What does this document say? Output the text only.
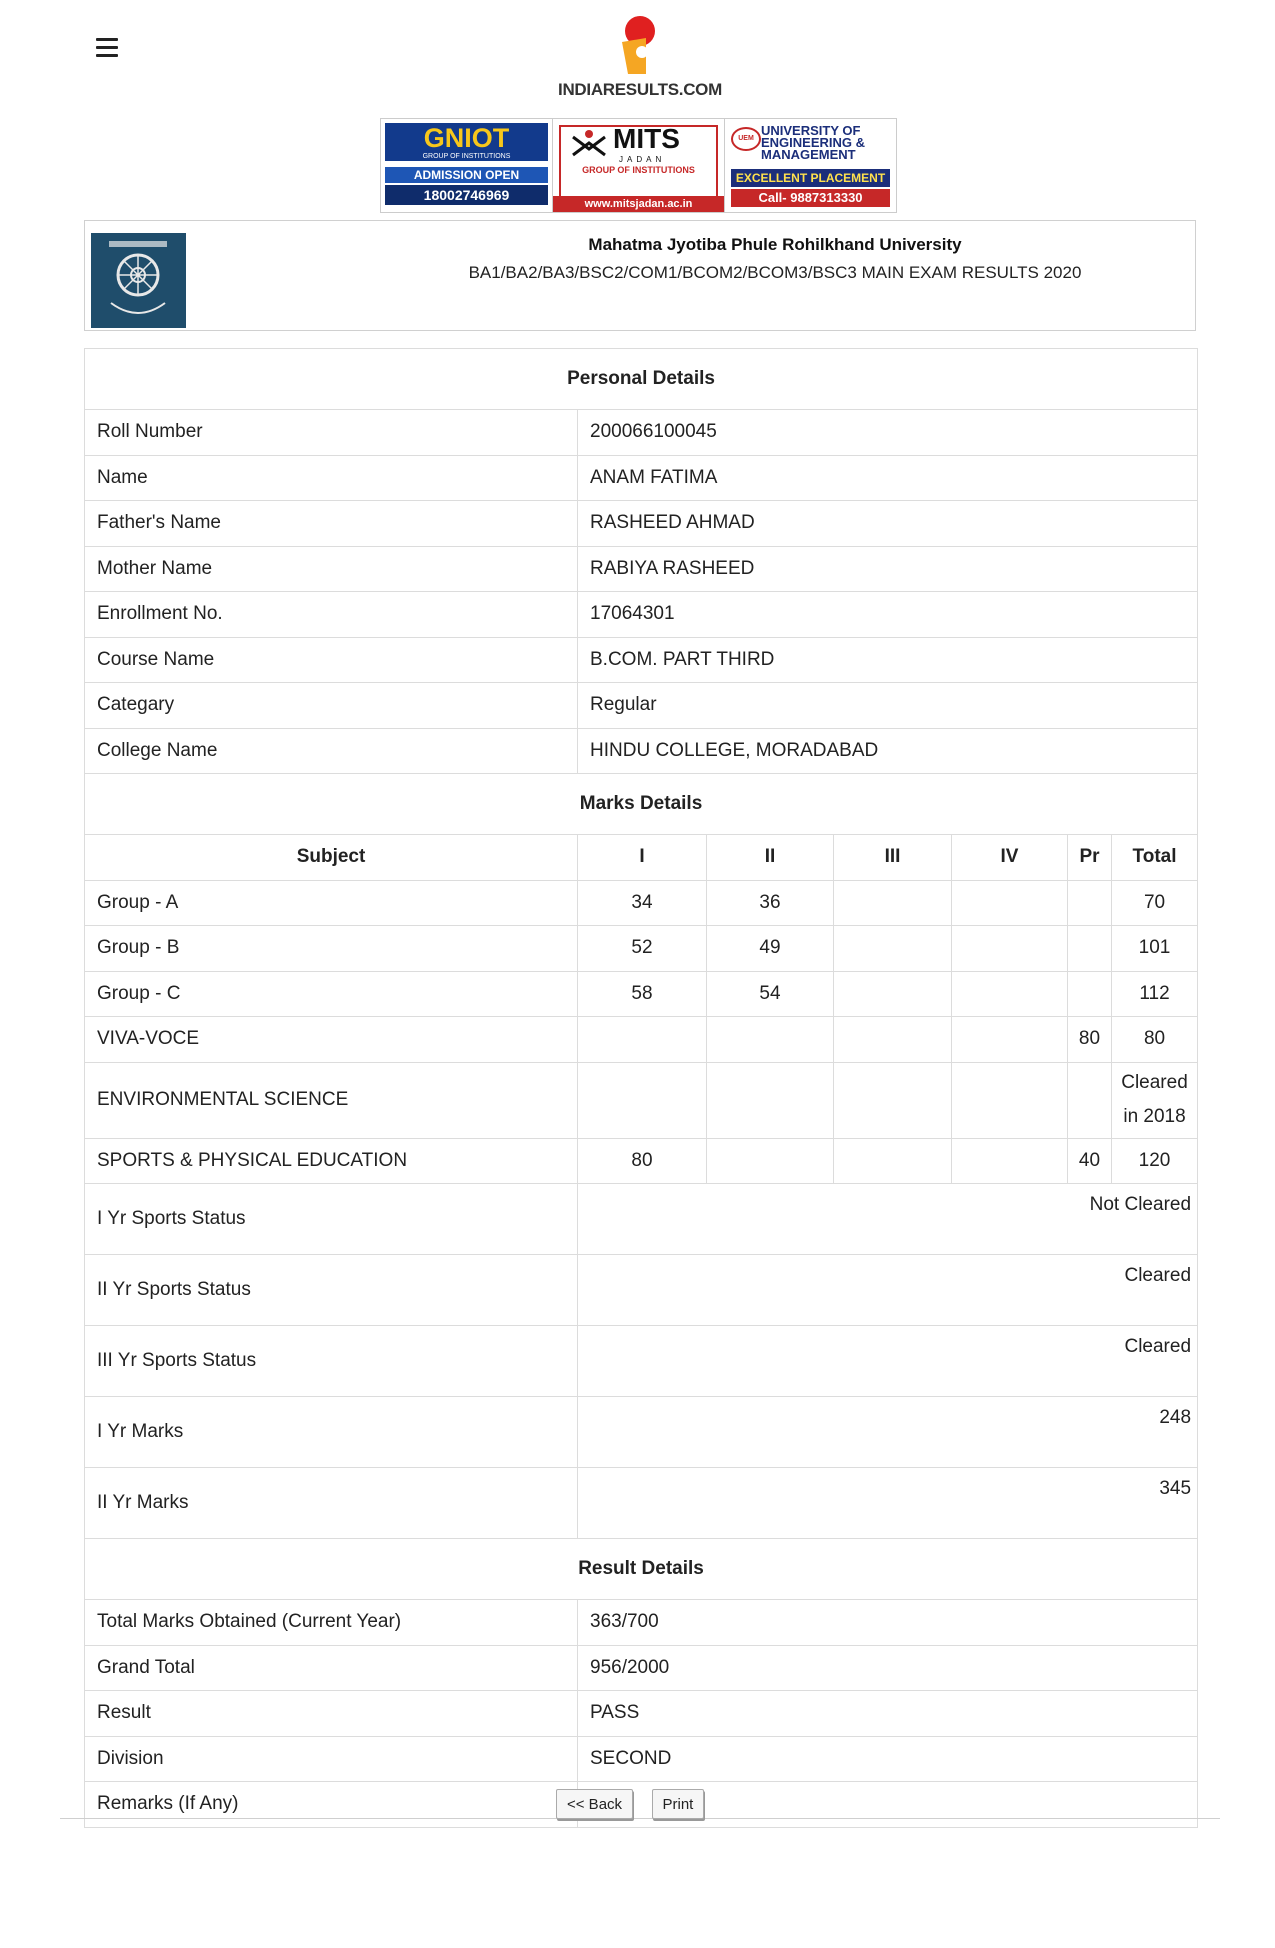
INDIARESULTS.COM
GNIOT
GROUP OF INSTITUTIONS
ADMISSION OPEN
18002746969
MITS
JADAN
GROUP OF INSTITUTIONS
www.mitsjadan.ac.in
UEM
UNIVERSITY OF
ENGINEERING &
MANAGEMENT
EXCELLENT PLACEMENT
Call- 9887313330
Mahatma Jyotiba Phule Rohilkhand University
BA1/BA2/BA3/BSC2/COM1/BCOM2/BCOM3/BSC3 MAIN EXAM RESULTS 2020
Personal Details						
Roll Number	200066100045					
Name	ANAM FATIMA					
Father's Name	RASHEED AHMAD					
Mother Name	RABIYA RASHEED					
Enrollment No.	17064301					
Course Name	B.COM. PART THIRD					
Categary	Regular					
College Name	HINDU COLLEGE, MORADABAD					
Marks Details						
Subject	I	II	III	IV	Pr	Total
Group - A	34	36				70
Group - B	52	49				101
Group - C	58	54				112
VIVA-VOCE					80	80
ENVIRONMENTAL SCIENCE						Cleared in 2018
SPORTS & PHYSICAL EDUCATION	80				40	120
I Yr Sports Status	Not Cleared					
II Yr Sports Status	Cleared					
III Yr Sports Status	Cleared					
I Yr Marks	248					
II Yr Marks	345					
Result Details						
Total Marks Obtained (Current Year)	363/700					
Grand Total	956/2000					
Result	PASS					
Division	SECOND					
Remarks (If Any)							<< Back	Print
